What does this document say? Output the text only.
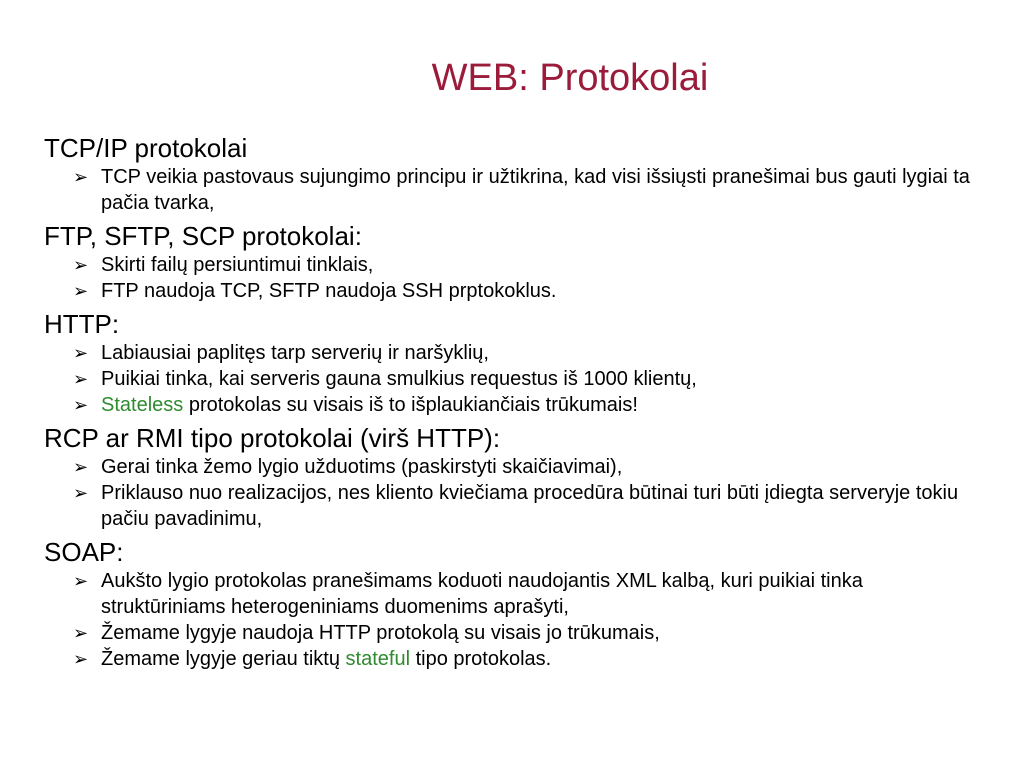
WEB: Protokolai

TCP/IP protokolai

➢ TCP veikia pastovaus sujungimo principu ir užtikrina, kad visi išsiųsti pranešimai bus gauti lygiai ta pačia tvarka,

FTP, SFTP, SCP protokolai:

➢ Skirti failų persiuntimui tinklais,
➢ FTP naudoja TCP, SFTP naudoja SSH prptokoklus.

HTTP:

➢ Labiausiai paplitęs tarp serverių ir naršyklių,
➢ Puikiai tinka, kai serveris gauna smulkius requestus iš 1000 klientų,
➢ Stateless protokolas su visais iš to išplaukiančiais trūkumais!

RCP ar RMI tipo protokolai (virš HTTP):

➢ Gerai tinka žemo lygio užduotims (paskirstyti skaičiavimai),
➢ Priklauso nuo realizacijos, nes kliento kviečiama procedūra būtinai turi būti įdiegta serveryje tokiu pačiu pavadinimu,

SOAP:

➢ Aukšto lygio protokolas pranešimams koduoti naudojantis XML kalbą, kuri puikiai tinka struktūriniams heterogeniniams duomenims aprašyti,
➢ Žemame lygyje naudoja HTTP protokolą su visais jo trūkumais,
➢ Žemame lygyje geriau tiktų stateful tipo protokolas.
